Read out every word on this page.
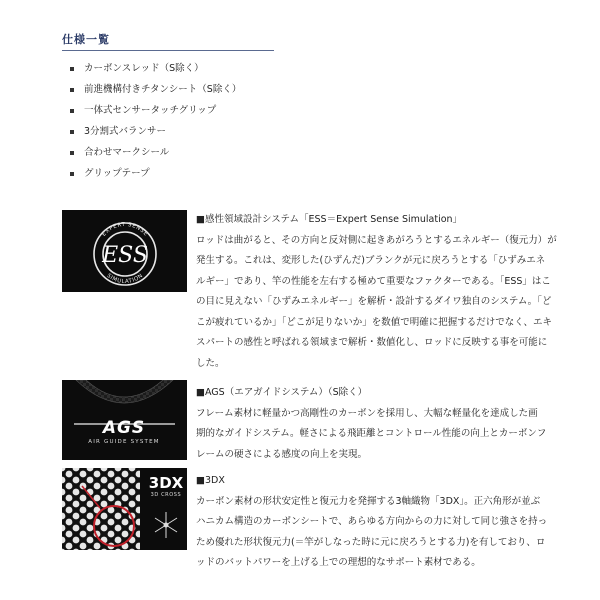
仕様一覧
カーボンスレッド（S除く）
前進機構付きチタンシート（S除く）
一体式センサータッチグリップ
3分割式バランサー
合わせマークシール
グリップテープ
EXPERT SENSE
SIMULATION
ESS
■感性領域設計システム「ESS＝Expert Sense Simulation」

ロッドは曲がると、その方向と反対側に起きあがろうとするエネルギー（復元力）が

発生する。これは、変形した(ひずんだ)ブランクが元に戻ろうとする「ひずみエネ

ルギー」であり、竿の性能を左右する極めて重要なファクターである。「ESS」はこ

の目に見えない「ひずみエネルギー」を解析・設計するダイワ独自のシステム。「ど

こが疲れているか」「どこが足りないか」を数値で明確に把握するだけでなく、エキ

スパートの感性と呼ばれる領域まで解析・数値化し、ロッドに反映する事を可能に

した。

AGS
AIR GUIDE SYSTEM
■AGS（エアガイドシステム）（S除く）

フレーム素材に軽量かつ高剛性のカーボンを採用し、大幅な軽量化を達成した画

期的なガイドシステム。軽さによる飛距離とコントロール性能の向上とカーボンフ

レームの硬さによる感度の向上を実現。

3DX
3D CROSS
■3DX

カーボン素材の形状安定性と復元力を発揮する3軸織物「3DX」。正六角形が並ぶ

ハニカム構造のカーボンシートで、あらゆる方向からの力に対して同じ強さを持っ

ため優れた形状復元力(＝竿がしなった時に元に戻ろうとする力)を有しており、ロ

ッドのバットパワーを上げる上での理想的なサポート素材である。
